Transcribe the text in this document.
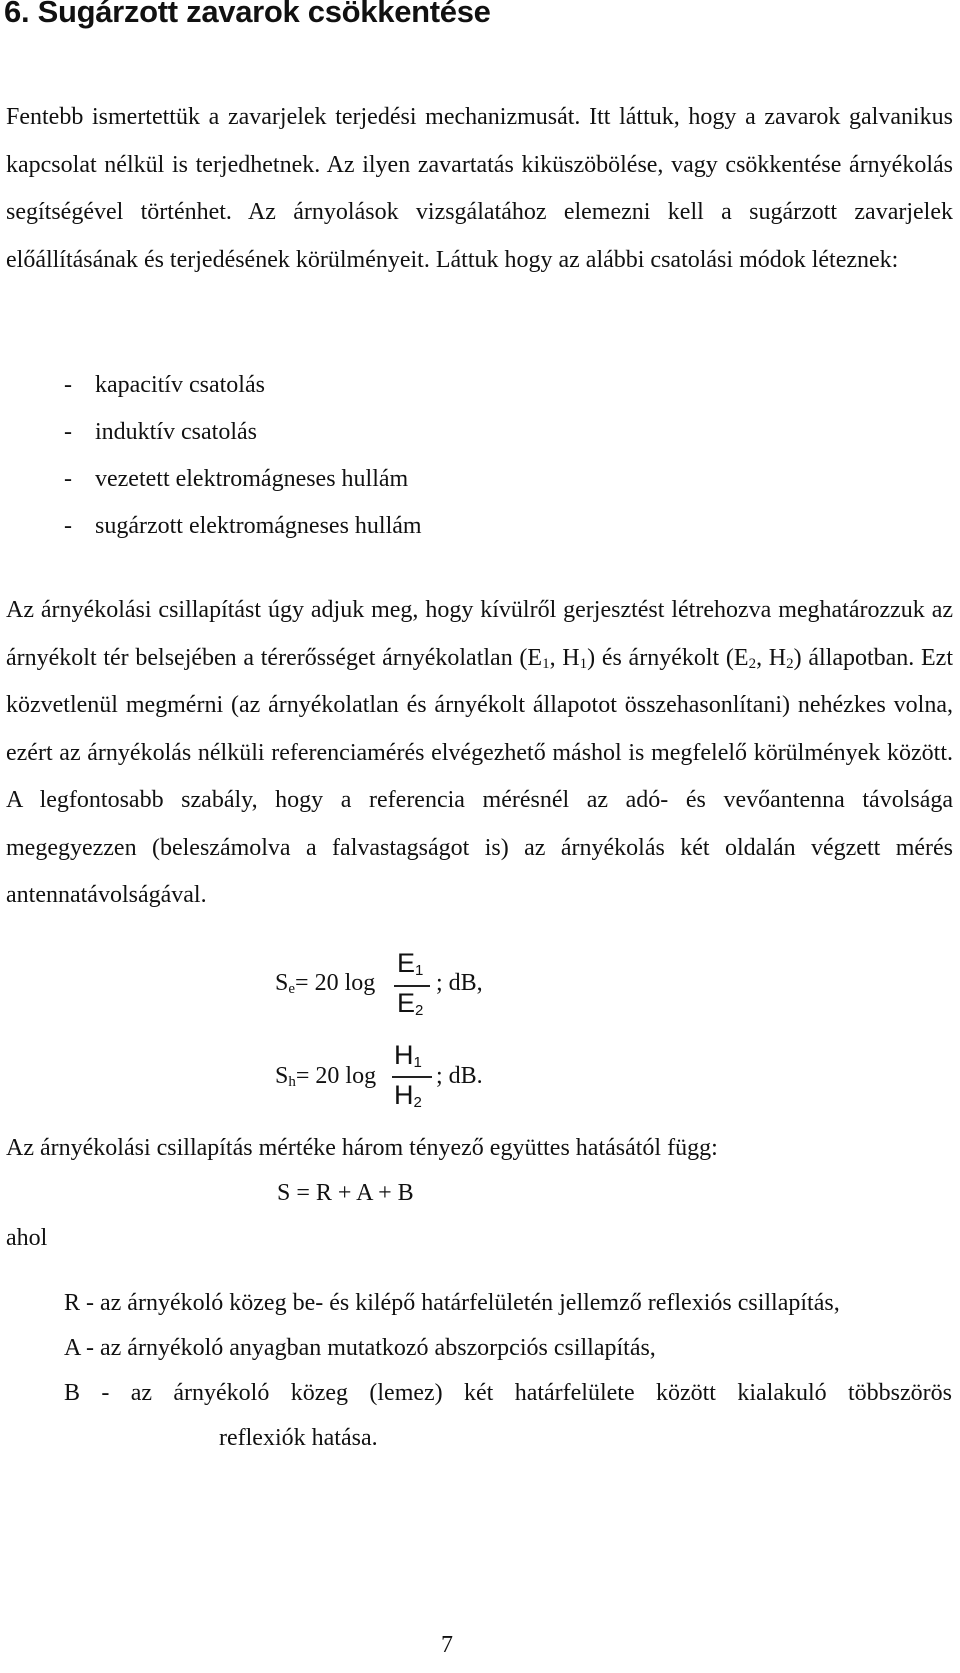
6. Sugárzott zavarok csökkentése

Fentebb ismertettük a zavarjelek terjedési mechanizmusát. Itt láttuk, hogy a zavarok galvanikus kapcsolat nélkül is terjedhetnek. Az ilyen zavartatás kiküszöbölése, vagy csökkentése árnyékolás segítségével történhet. Az árnyolások vizsgálatához elemezni kell a sugárzott zavarjelek előállításának és terjedésének körülményeit. Láttuk hogy az alábbi csatolási módok léteznek:

- kapacitív csatolás
- induktív csatolás
- vezetett elektromágneses hullám
- sugárzott elektromágneses hullám

Az árnyékolási csillapítást úgy adjuk meg, hogy kívülről gerjesztést létrehozva meghatározzuk az árnyékolt tér belsejében a térerősséget árnyékolatlan ($E_1$, $H_1$) és árnyékolt ($E_2$, $H_2$) állapotban. Ezt közvetlenül megmérni (az árnyékolatlan és árnyékolt állapotot összehasonlítani) nehézkes volna, ezért az árnyékolás nélküli referenciamérés elvégezhető máshol is megfelelő körülmények között. A legfontosabb szabály, hogy a referencia mérésnél az adó- és vevőantenna távolsága megegyezzen (beleszámolva a falvastagságot is) az árnyékolás két oldalán végzett mérés antennatávolságával.

$S_e= 20$ log
$E_1$
$E_2$
; dB,
$S_h= 20$ log
$H_1$
$H_2$
; dB.
Az árnyékolási csillapítás mértéke három tényező együttes hatásától függ:
S = R + A + B
ahol
R - az árnyékoló közeg be- és kilépő határfelületén jellemző reflexiós csillapítás,
A - az árnyékoló anyagban mutatkozó abszorpciós csillapítás,
B - az árnyékoló közeg (lemez) két határfelülete között kialakuló többszörös
reflexiók hatása.
7
